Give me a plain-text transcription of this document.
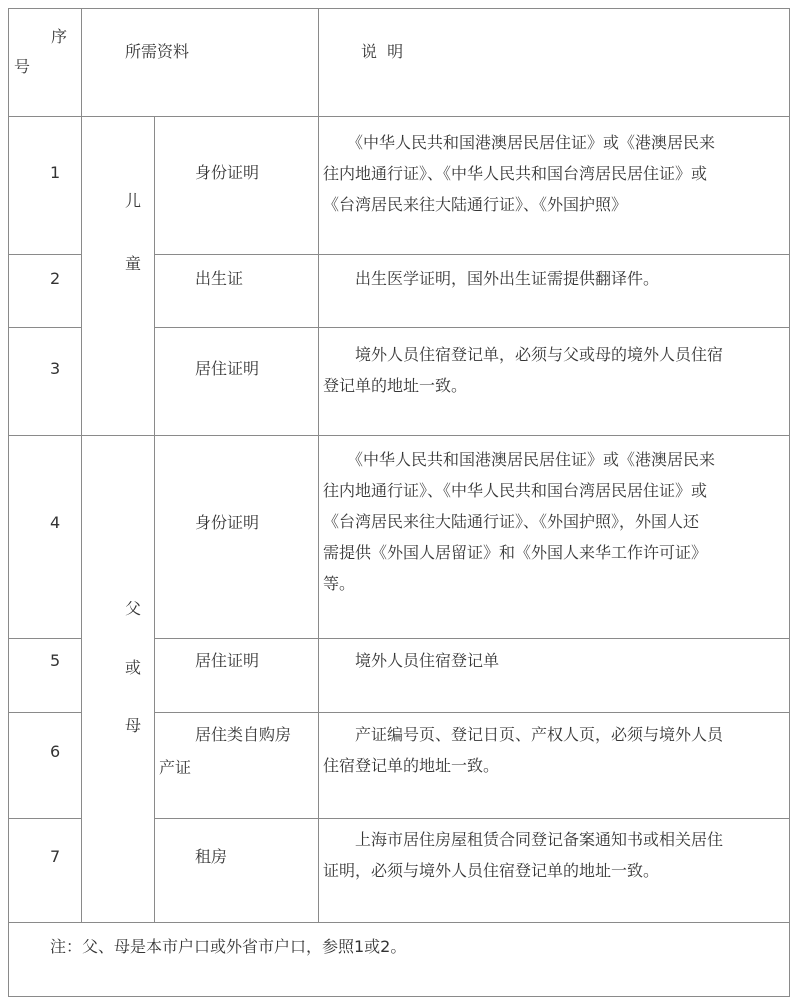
序
号
所需资料	说  明
儿
童
父
或
母
1
2
3
4
5
6
7
身份证明
出生证
居住证明
身份证明
居住证明
居住类自购房
产证
租房

　　《中华人民共和国港澳居民居住证》或《港澳居民来

往内地通行证》、《中华人民共和国台湾居民居住证》或

《台湾居民来往大陆通行证》、《外国护照》

　　出生医学证明，国外出生证需提供翻译件。

　　境外人员住宿登记单，必须与父或母的境外人员住宿

登记单的地址一致。

　　《中华人民共和国港澳居民居住证》或《港澳居民来

往内地通行证》、《中华人民共和国台湾居民居住证》或

《台湾居民来往大陆通行证》、《外国护照》，外国人还

需提供《外国人居留证》和《外国人来华工作许可证》

等。

　　境外人员住宿登记单

　　产证编号页、登记日页、产权人页，必须与境外人员

住宿登记单的地址一致。

　　上海市居住房屋租赁合同登记备案通知书或相关居住

证明，必须与境外人员住宿登记单的地址一致。

注：父、母是本市户口或外省市户口，参照1或2。
